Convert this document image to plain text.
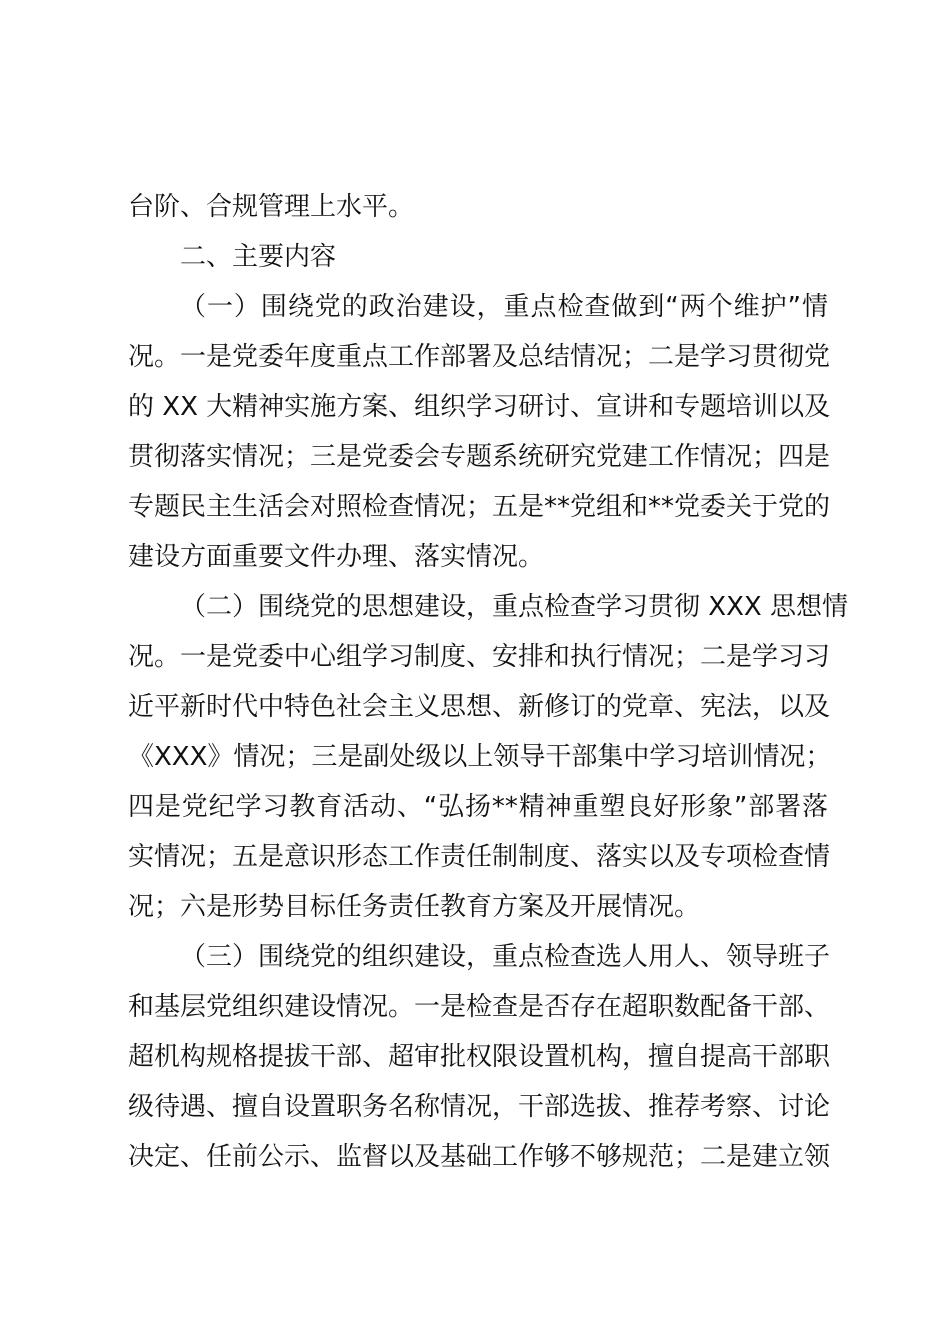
台阶、合规管理上水平。
二、主要内容
（一）围绕党的政治建设，重点检查做到“两个维护”情
况。一是党委年度重点工作部署及总结情况；二是学习贯彻党
的 XX 大精神实施方案、组织学习研讨、宣讲和专题培训以及
贯彻落实情况；三是党委会专题系统研究党建工作情况；四是
专题民主生活会对照检查情况；五是**党组和**党委关于党的
建设方面重要文件办理、落实情况。
（二）围绕党的思想建设，重点检查学习贯彻 XXX 思想情
况。一是党委中心组学习制度、安排和执行情况；二是学习习
近平新时代中特色社会主义思想、新修订的党章、宪法，以及
《XXX》情况；三是副处级以上领导干部集中学习培训情况；
四是党纪学习教育活动、“弘扬**精神重塑良好形象”部署落
实情况；五是意识形态工作责任制制度、落实以及专项检查情
况；六是形势目标任务责任教育方案及开展情况。
（三）围绕党的组织建设，重点检查选人用人、领导班子
和基层党组织建设情况。一是检查是否存在超职数配备干部、
超机构规格提拔干部、超审批权限设置机构，擅自提高干部职
级待遇、擅自设置职务名称情况，干部选拔、推荐考察、讨论
决定、任前公示、监督以及基础工作够不够规范；二是建立领
